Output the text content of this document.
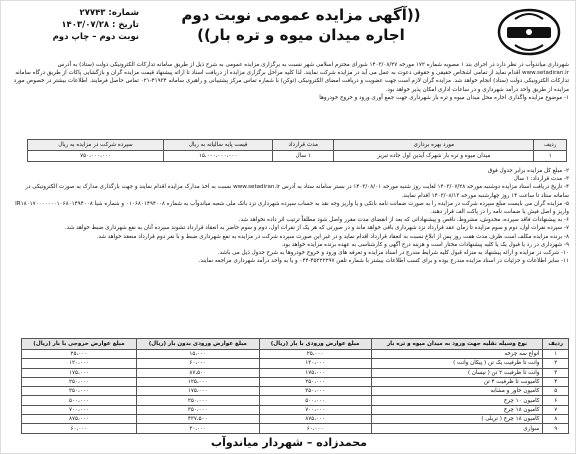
شماره: ۲۷۷۴۳
تاریخ : ۱۴۰۳/۰۷/۲۸
نوبت دوم – چاپ دوم
((آگهی مزایده عمومی نوبت دوم
اجاره میدان میوه و تره بار))
شهرداری میاندوآب در نظر دارد در اجرای بند ۱ مصوبه شماره ۱۷۲ مورخه ۱۴۰۳/۰۸/۲۷ شورای محترم اسلامی شهر نسبت به برگزاری مزایده عمومی به شرح ذیل از طریق سامانه تدارکات الکترونیکی دولت (ستاد) به آدرس www.setadiran.ir اقدام نماید از تمامی اشخاص حقیقی و حقوقی دعوت به عمل می آید در مزایده شرکت نمایند. لذا کلیه مراحل برگزاری مزایده از دریافت اسناد تا ارائه پیشنهاد قیمت مزایده گران و بازگشایی پاکات از طریق درگاه سامانه تدارکات الکترونیکی دولت (ستاد) انجام خواهد شد. مزایده گران لازم است جهت عضویت و دریافت امضای الکترونیکی (توکن) با شماره تماس مرکز پشتیبانی و راهبری سامانه ۴۱۹۳۴-۰۲۱ تماس حاصل فرمایند. اطلاعات بیشتر در خصوص مورد مزایده از طریق واحد درآمد شهرداری و در ساعات اداری امکان پذیر خواهد بود.
۱- موضوع مزایده واگذاری اجاره محل میدان میوه و تره بار شهرداری جهت جمع آوری ورود و خروج خودروها
ردیف	مورد بهره برداری	مدت قرارداد	قیمت پایه سالیانه به ریال	سپرده شرکت در مزایده به ریال
۱	میدان میوه و تره بار شهرک آیدین اول جاده تبریز	۱ سال	۱۵،۰۰۰،۰۰۰،۰۰۰	۷۵۰،۰۰۰،۰۰۰
۲- مبلغ کل مزایده برابر جدول فوق
۳- مدت قرارداد: ۱ سال
۴- تاریخ دریافت اسناد مزایده دوشنبه مورخه ۱۴۰۳/۰۷/۲۸ لغایت روز شنبه مورخه ۱۴۰۳/۰۸/۰۱ در بستر سامانه ستاد به آدرس www.setadiran.ir نسبت به اخذ مدارک مزایده اقدام نمایند و جهت بارگذاری مدارک به صورت الکترونیکی در سامانه ستاد تا ساعت ۱۴ روز چهارشنبه مورخه ۱۴۰۳/۰۸/۱۳ اقدام نمایند.
۵- مزایده گران می بایست مبلغ سپرده شرکت در مزایده را به صورت ضمانت نامه بانکی و یا واریز وجه نقد به حساب سپرده شهرداری نزد بانک ملی شعبه میاندوآب به شماره ۰۱۰۶۸۰۱۴۹۴۰۰۸ و شماره شبا IR۱۸۰۱۷۰۰۰۰۰۰۰۱۰۶۸۰۱۴۹۴۰۰۸ واریز و اصل فیش یا ضمانت نامه را در پاکت الف قرار دهند.
۶- به پیشنهادات فاقد سپرده، مخدوش، مشروط، ناقص و پیشنهاداتی که بعد از انقضای مدت مقرر واصل شود مطلقاً ترتیب اثر داده نخواهد شد.
۷- سپرده نفرات اول، دوم و سوم مزایده تا زمان عقد قرارداد نزد شهرداری باقی خواهد ماند و در صورتی که هر یک از نفرات اول، دوم و سوم حاضر به انعقاد قرارداد نشوند سپرده آنان به نفع شهرداری ضبط خواهد شد.
۸- برنده مزایده مکلف است ظرف مدت هفت روز پس از ابلاغ نسبت به انعقاد قرارداد اقدام نماید و در غیر این صورت سپرده شرکت در مزایده به نفع شهرداری ضبط و با نفر دوم قرارداد منعقد خواهد شد.
۹- شهرداری در رد یا قبول یک یا کلیه پیشنهادات مختار است و هزینه درج آگهی و کارشناسی به عهده برنده مزایده خواهد بود.
۱۰- شرکت در مزایده و ارائه پیشنهاد به منزله قبول کلیه شرایط مندرج در اسناد مزایده و تعرفه های ورود و خروج خودروها به شرح جدول ذیل می باشد.
۱۱- سایر اطلاعات و جزئیات در اسناد مزایده مندرج بوده و برای کسب اطلاعات بیشتر با شماره تلفن ۴۵۲۲۲۲۹۷-۰۴۴ و یا به واحد درآمد شهرداری مراجعه نمایند.
ردیف	نوع وسیله نقلیه جهت ورود به میدان میوه و تره بار	مبلغ عوارض ورودی با بار (ریال)	مبلغ عوارض ورودی بدون بار (ریال)	مبلغ عوارض خروجی با بار (ریال)
۱	انواع سه چرخه	۲۵،۰۰۰	۱۵،۰۰۰	۲۵،۰۰۰
۲	وانت تا ظرفیت یک تن ( پیکان وانت )	۱۲۰،۰۰۰	۶۰،۰۰۰	۱۲۰،۰۰۰
۳	وانت تا ظرفیت ۲ تن ( نیسان )	۱۷۵،۰۰۰	۸۷،۵۰۰	۱۷۵،۰۰۰
۴	کامیونت تا ظرفیت ۴ تن	۲۵۰،۰۰۰	۱۲۵،۰۰۰	۲۵۰،۰۰۰
۵	کامیون خاور و مشابه	۳۵۰،۰۰۰	۱۷۵،۰۰۰	۳۵۰،۰۰۰
۶	کامیون ۱۰ چرخ	۵۰۰،۰۰۰	۲۵۰،۰۰۰	۵۰۰،۰۰۰
۷	کامیون ۱۸ چرخ	۷۰۰،۰۰۰	۳۵۰،۰۰۰	۷۰۰،۰۰۰
۸	کامیون ۱۸ چرخ ( تریلی )	۸۷۵،۰۰۰	۴۳۷،۵۰۰	۸۷۵،۰۰۰
۹	سواری	۶۰،۰۰۰	۳۰،۰۰۰	۶۰،۰۰۰
محمدزاده – شهردار میاندوآب
